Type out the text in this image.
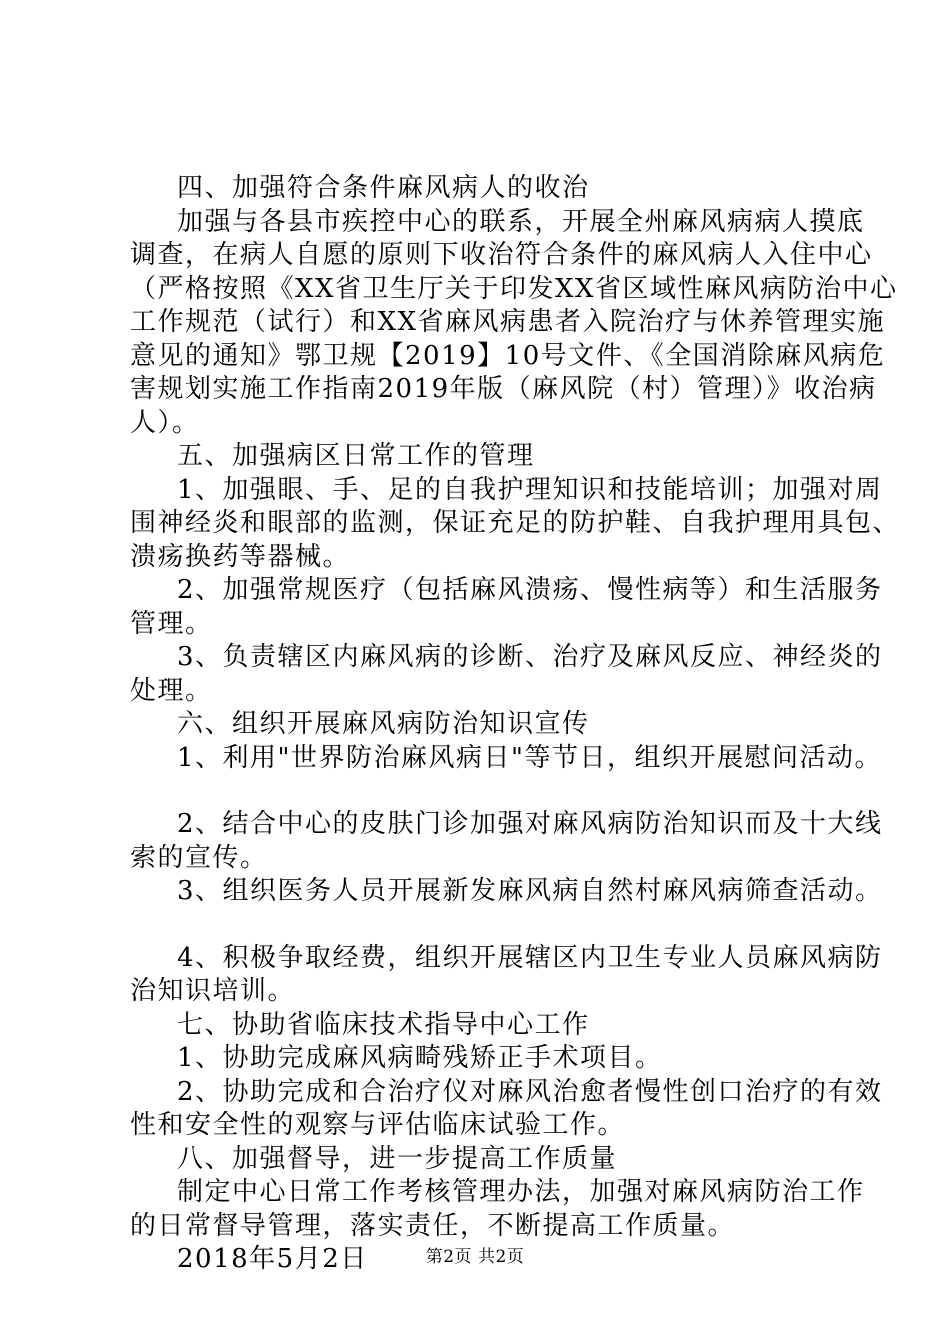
四、加强符合条件麻风病人的收治
加强与各县市疾控中心的联系，开展全州麻风病病人摸底
调查，在病人自愿的原则下收治符合条件的麻风病人入住中心
（严格按照《XX省卫生厅关于印发XX省区域性麻风病防治中心
工作规范（试行）和XX省麻风病患者入院治疗与休养管理实施
意见的通知》鄂卫规【2019】10号文件、《全国消除麻风病危
害规划实施工作指南2019年版（麻风院（村）管理）》收治病
人）。
五、加强病区日常工作的管理
1、加强眼、手、足的自我护理知识和技能培训；加强对周
围神经炎和眼部的监测，保证充足的防护鞋、自我护理用具包、
溃疡换药等器械。
2、加强常规医疗（包括麻风溃疡、慢性病等）和生活服务
管理。
3、负责辖区内麻风病的诊断、治疗及麻风反应、神经炎的
处理。
六、组织开展麻风病防治知识宣传
1、利用"世界防治麻风病日"等节日，组织开展慰问活动。
2、结合中心的皮肤门诊加强对麻风病防治知识而及十大线
索的宣传。
3、组织医务人员开展新发麻风病自然村麻风病筛查活动。
4、积极争取经费，组织开展辖区内卫生专业人员麻风病防
治知识培训。
七、协助省临床技术指导中心工作
1、协助完成麻风病畸残矫正手术项目。
2、协助完成和合治疗仪对麻风治愈者慢性创口治疗的有效
性和安全性的观察与评估临床试验工作。
八、加强督导，进一步提高工作质量
制定中心日常工作考核管理办法，加强对麻风病防治工作
的日常督导管理，落实责任，不断提高工作质量。
2018年5月2日	第2页 共2页
